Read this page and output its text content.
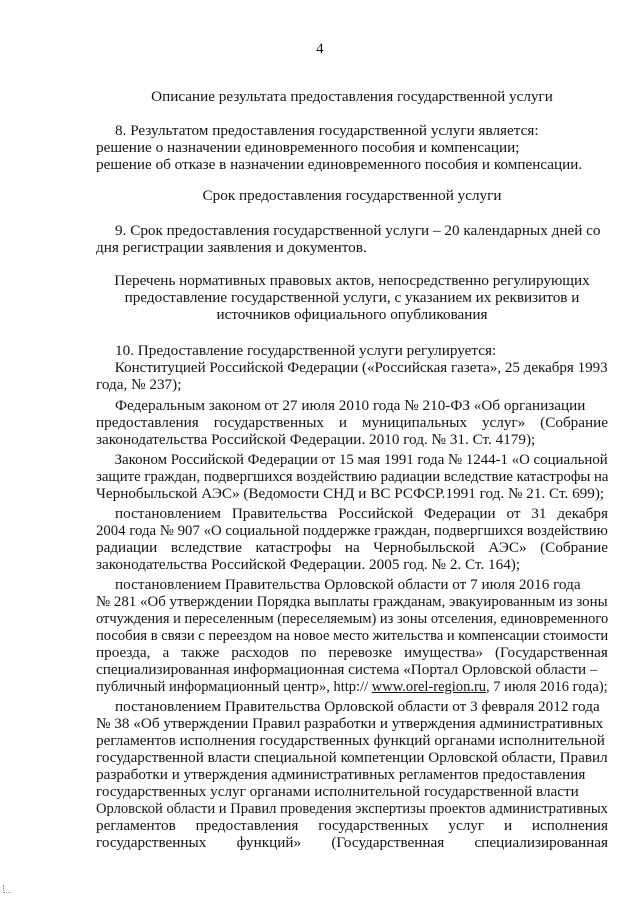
4
Описание результата предоставления государственной услуги
8. Результатом предоставления государственной услуги является:
решение о назначении единовременного пособия и компенсации;
решение об отказе в назначении единовременного пособия и компенсации.
Срок предоставления государственной услуги
9. Срок предоставления государственной услуги – 20 календарных дней со
дня регистрации заявления и документов.
Перечень нормативных правовых актов, непосредственно регулирующих
предоставление государственной услуги, с указанием их реквизитов и
источников официального опубликования
10. Предоставление государственной услуги регулируется:
Конституцией Российской Федерации («Российская газета», 25 декабря 1993
года, № 237);
Федеральным законом от 27 июля 2010 года № 210-ФЗ «Об организации
предоставления государственных и муниципальных услуг» (Собрание
законодательства Российской Федерации. 2010 год. № 31. Ст. 4179);
Законом Российской Федерации от 15 мая 1991 года № 1244-1 «О социальной
защите граждан, подвергшихся воздействию радиации вследствие катастрофы на
Чернобыльской АЭС» (Ведомости СНД и ВС РСФСР.1991 год. № 21. Ст. 699);
постановлением Правительства Российской Федерации от 31 декабря
2004 года № 907 «О социальной поддержке граждан, подвергшихся воздействию
радиации вследствие катастрофы на Чернобыльской АЭС» (Собрание
законодательства Российской Федерации. 2005 год. № 2. Ст. 164);
постановлением Правительства Орловской области от 7 июля 2016 года
№ 281 «Об утверждении Порядка выплаты гражданам, эвакуированным из зоны
отчуждения и переселенным (переселяемым) из зоны отселения, единовременного
пособия в связи с переездом на новое место жительства и компенсации стоимости
проезда, а также расходов по перевозке имущества» (Государственная
специализированная информационная система «Портал Орловской области –
публичный информационный центр», http:// www.orel-region.ru, 7 июля 2016 года);
постановлением Правительства Орловской области от 3 февраля 2012 года
№ 38 «Об утверждении Правил разработки и утверждения административных
регламентов исполнения государственных функций органами исполнительной
государственной власти специальной компетенции Орловской области, Правил
разработки и утверждения административных регламентов предоставления
государственных услуг органами исполнительной государственной власти
Орловской области и Правил проведения экспертизы проектов административных
регламентов предоставления государственных услуг и исполнения
государственных функций» (Государственная специализированная
